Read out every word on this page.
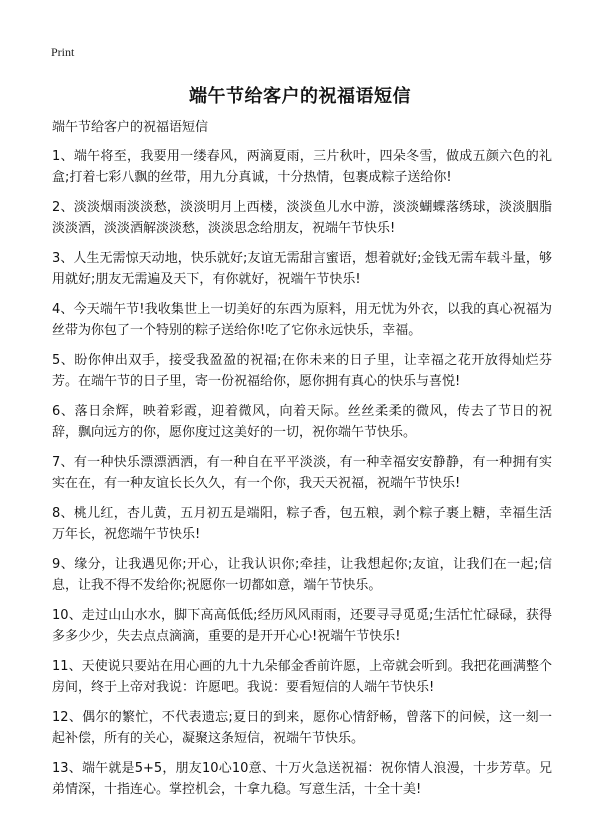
Print
端午节给客户的祝福语短信

端午节给客户的祝福语短信

1、端午将至，我要用一缕春风，两滴夏雨，三片秋叶，四朵冬雪，做成五颜六色的礼盒;打着七彩八飘的丝带，用九分真诚，十分热情，包裹成粽子送给你!
2、淡淡烟雨淡淡愁，淡淡明月上西楼，淡淡鱼儿水中游，淡淡蝴蝶落绣球，淡淡胭脂淡淡酒，淡淡酒解淡淡愁，淡淡思念给朋友，祝端午节快乐!
3、人生无需惊天动地，快乐就好;友谊无需甜言蜜语，想着就好;金钱无需车载斗量，够用就好;朋友无需遍及天下，有你就好，祝端午节快乐!
4、今天端午节!我收集世上一切美好的东西为原料，用无忧为外衣，以我的真心祝福为丝带为你包了一个特别的粽子送给你!吃了它你永远快乐，幸福。
5、盼你伸出双手，接受我盈盈的祝福;在你未来的日子里，让幸福之花开放得灿烂芬芳。在端午节的日子里，寄一份祝福给你，愿你拥有真心的快乐与喜悦!
6、落日余辉，映着彩霞，迎着微风，向着天际。丝丝柔柔的微风，传去了节日的祝辞，飘向远方的你，愿你度过这美好的一切，祝你端午节快乐。
7、有一种快乐漂漂洒洒，有一种自在平平淡淡，有一种幸福安安静静，有一种拥有实实在在，有一种友谊长长久久，有一个你，我天天祝福，祝端午节快乐!
8、桃儿红，杏儿黄，五月初五是端阳，粽子香，包五粮，剥个粽子裹上糖，幸福生活万年长，祝您端午节快乐!
9、缘分，让我遇见你;开心，让我认识你;牵挂，让我想起你;友谊，让我们在一起;信息，让我不得不发给你;祝愿你一切都如意，端午节快乐。
10、走过山山水水，脚下高高低低;经历风风雨雨，还要寻寻觅觅;生活忙忙碌碌，获得多多少少，失去点点滴滴，重要的是开开心心!祝端午节快乐!
11、天使说只要站在用心画的九十九朵郁金香前许愿，上帝就会听到。我把花画满整个房间，终于上帝对我说：许愿吧。我说：要看短信的人端午节快乐!
12、偶尔的繁忙，不代表遗忘;夏日的到来，愿你心情舒畅，曾落下的问候，这一刻一起补偿，所有的关心，凝聚这条短信，祝端午节快乐。
13、端午就是5+5，朋友10心10意、十万火急送祝福：祝你情人浪漫，十步芳草。兄弟情深，十指连心。掌控机会，十拿九稳。写意生活，十全十美!
